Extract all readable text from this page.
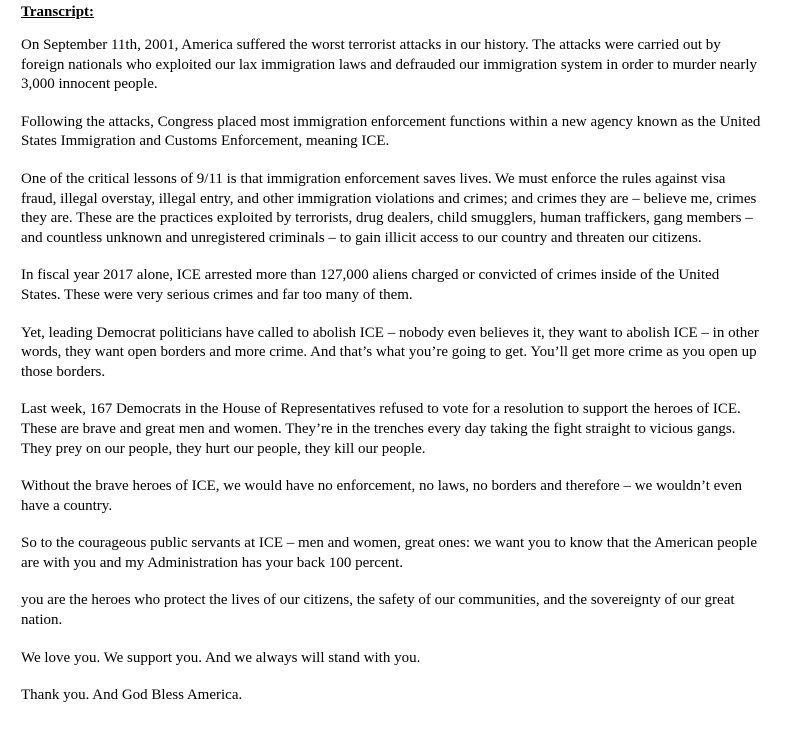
Transcript:
On September 11th, 2001, America suffered the worst terrorist attacks in our history. The attacks were carried out by foreign nationals who exploited our lax immigration laws and defrauded our immigration system in order to murder nearly 3,000 innocent people.
Following the attacks, Congress placed most immigration enforcement functions within a new agency known as the United States Immigration and Customs Enforcement, meaning ICE.
One of the critical lessons of 9/11 is that immigration enforcement saves lives. We must enforce the rules against visa fraud, illegal overstay, illegal entry, and other immigration violations and crimes; and crimes they are – believe me, crimes they are. These are the practices exploited by terrorists, drug dealers, child smugglers, human traffickers, gang members – and countless unknown and unregistered criminals – to gain illicit access to our country and threaten our citizens.
In fiscal year 2017 alone, ICE arrested more than 127,000 aliens charged or convicted of crimes inside of the United States. These were very serious crimes and far too many of them.
Yet, leading Democrat politicians have called to abolish ICE – nobody even believes it, they want to abolish ICE – in other words, they want open borders and more crime. And that’s what you’re going to get. You’ll get more crime as you open up those borders.
Last week, 167 Democrats in the House of Representatives refused to vote for a resolution to support the heroes of ICE. These are brave and great men and women. They’re in the trenches every day taking the fight straight to vicious gangs. They prey on our people, they hurt our people, they kill our people.
Without the brave heroes of ICE, we would have no enforcement, no laws, no borders and therefore – we wouldn’t even have a country.
So to the courageous public servants at ICE – men and women, great ones: we want you to know that the American people are with you and my Administration has your back 100 percent.
you are the heroes who protect the lives of our citizens, the safety of our communities, and the sovereignty of our great nation.
We love you. We support you. And we always will stand with you.
Thank you. And God Bless America.
